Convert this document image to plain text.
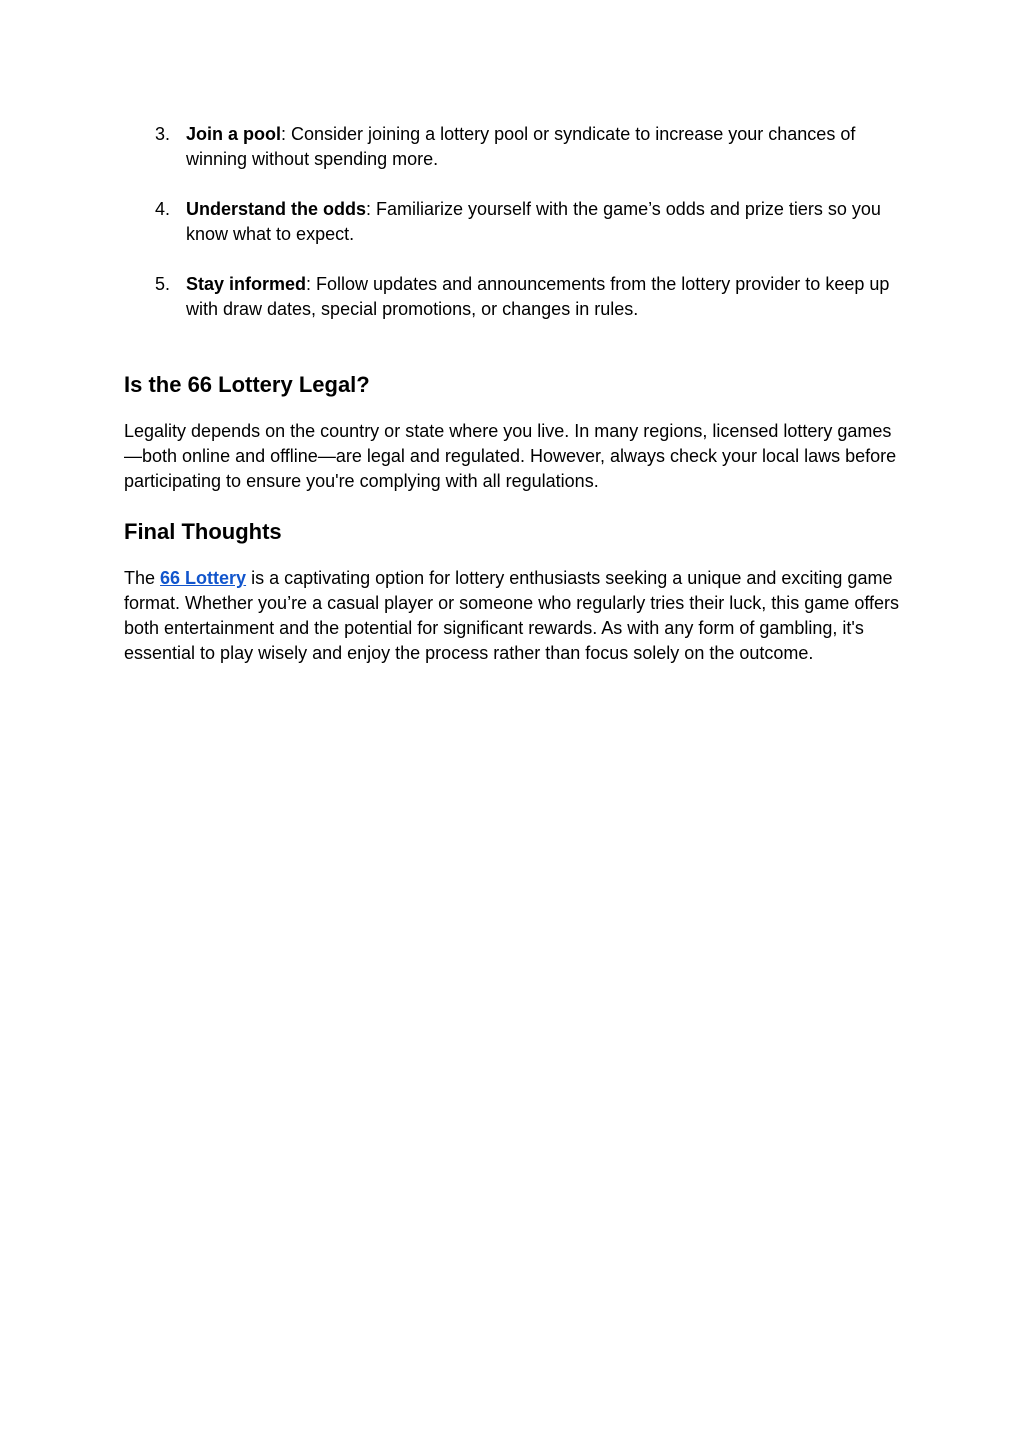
3. Join a pool: Consider joining a lottery pool or syndicate to increase your chances of winning without spending more.
4. Understand the odds: Familiarize yourself with the game’s odds and prize tiers so you know what to expect.
5. Stay informed: Follow updates and announcements from the lottery provider to keep up with draw dates, special promotions, or changes in rules.
Is the 66 Lottery Legal?

Legality depends on the country or state where you live. In many regions, licensed lottery games—both online and offline—are legal and regulated. However, always check your local laws before participating to ensure you're complying with all regulations.

Final Thoughts

The 66 Lottery is a captivating option for lottery enthusiasts seeking a unique and exciting game format. Whether you’re a casual player or someone who regularly tries their luck, this game offers both entertainment and the potential for significant rewards. As with any form of gambling, it's essential to play wisely and enjoy the process rather than focus solely on the outcome.
